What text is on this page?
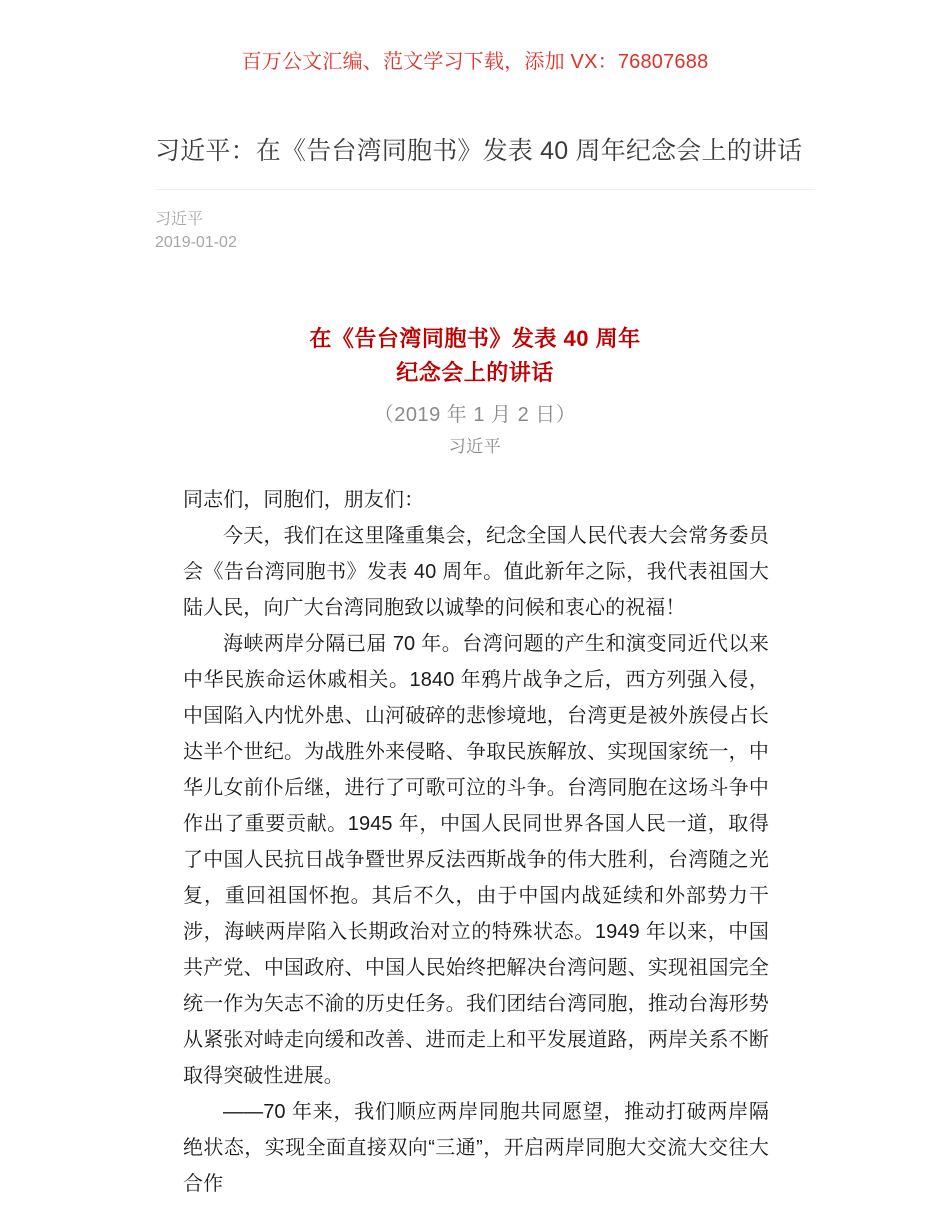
百万公文汇编、范文学习下载，添加 VX：76807688
习近平：在《告台湾同胞书》发表 40 周年纪念会上的讲话
习近平
2019-01-02
在《告台湾同胞书》发表 40 周年
纪念会上的讲话
（2019 年 1 月 2 日）
习近平

同志们，同胞们，朋友们：

今天，我们在这里隆重集会，纪念全国人民代表大会常务委员会《告台湾同胞书》发表 40 周年。值此新年之际，我代表祖国大陆人民，向广大台湾同胞致以诚挚的问候和衷心的祝福！

海峡两岸分隔已届 70 年。台湾问题的产生和演变同近代以来中华民族命运休戚相关。1840 年鸦片战争之后，西方列强入侵，中国陷入内忧外患、山河破碎的悲惨境地，台湾更是被外族侵占长达半个世纪。为战胜外来侵略、争取民族解放、实现国家统一，中华儿女前仆后继，进行了可歌可泣的斗争。台湾同胞在这场斗争中作出了重要贡献。1945 年，中国人民同世界各国人民一道，取得了中国人民抗日战争暨世界反法西斯战争的伟大胜利，台湾随之光复，重回祖国怀抱。其后不久，由于中国内战延续和外部势力干涉，海峡两岸陷入长期政治对立的特殊状态。1949 年以来，中国共产党、中国政府、中国人民始终把解决台湾问题、实现祖国完全统一作为矢志不渝的历史任务。我们团结台湾同胞，推动台海形势从紧张对峙走向缓和改善、进而走上和平发展道路，两岸关系不断取得突破性进展。

——70 年来，我们顺应两岸同胞共同愿望，推动打破两岸隔绝状态，实现全面直接双向“三通”，开启两岸同胞大交流大交往大合作
